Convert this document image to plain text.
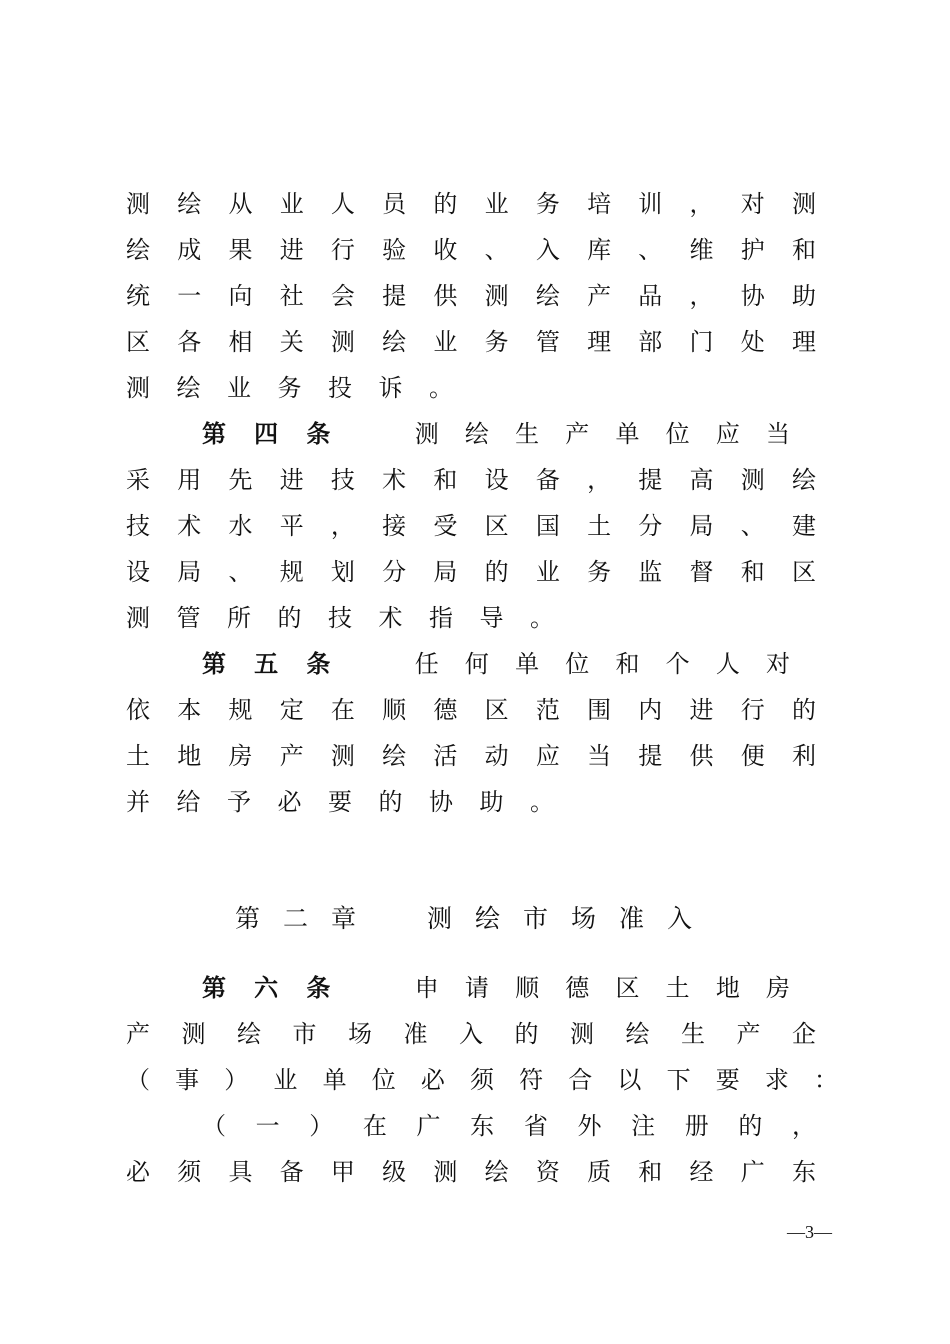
测绘从业人员的业务培训，对测
绘成果进行验收、入库、维护和
统一向社会提供测绘产品，协助
区各相关测绘业务管理部门处理
测绘业务投诉。
第四条 测绘生产单位应当
采用先进技术和设备，提高测绘
技术水平，接受区国土分局、建
设局、规划分局的业务监督和区
测管所的技术指导。
第五条 任何单位和个人对
依本规定在顺德区范围内进行的
土地房产测绘活动应当提供便利
并给予必要的协助。
第二章　测绘市场准入
第六条 申请顺德区土地房
产测绘市场准入的测绘生产企
（事）业单位必须符合以下要求：
（一）在广东省外注册的，
必须具备甲级测绘资质和经广东
—3—
